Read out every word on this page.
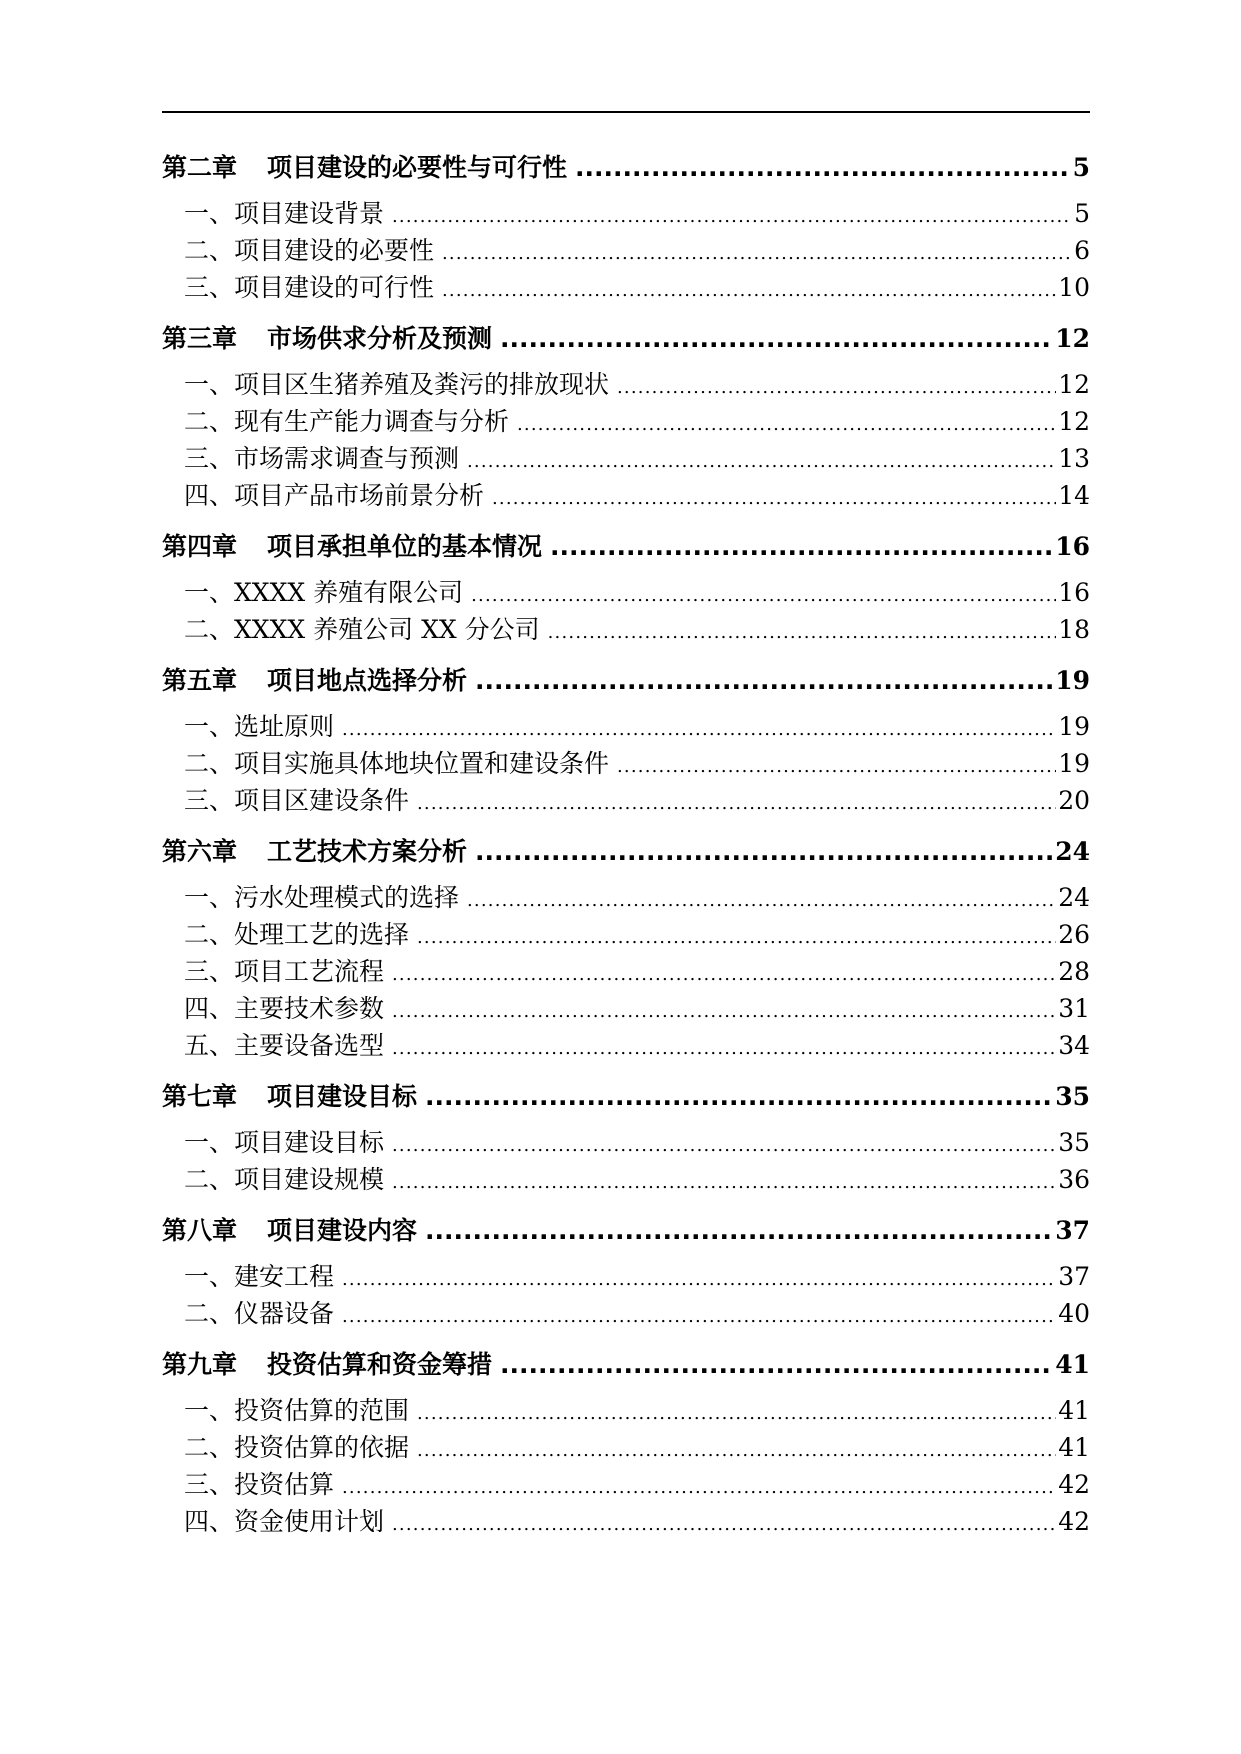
第二章 项目建设的必要性与可行性 .....	5
一、项目建设背景 .....	5
二、项目建设的必要性 .....	6
三、项目建设的可行性 .....	10
第三章 市场供求分析及预测 .....	12
一、项目区生猪养殖及粪污的排放现状 .....	12
二、现有生产能力调查与分析 .....	12
三、市场需求调查与预测 .....	13
四、项目产品市场前景分析 .....	14
第四章 项目承担单位的基本情况 .....	16
一、XXXX 养殖有限公司 .....	16
二、XXXX 养殖公司 XX 分公司 .....	18
第五章 项目地点选择分析 .....	19
一、选址原则 .....	19
二、项目实施具体地块位置和建设条件 .....	19
三、项目区建设条件 .....	20
第六章 工艺技术方案分析 .....	24
一、污水处理模式的选择 .....	24
二、处理工艺的选择 .....	26
三、项目工艺流程 .....	28
四、主要技术参数 .....	31
五、主要设备选型 .....	34
第七章 项目建设目标 .....	35
一、项目建设目标 .....	35
二、项目建设规模 .....	36
第八章 项目建设内容 .....	37
一、建安工程 .....	37
二、仪器设备 .....	40
第九章 投资估算和资金筹措 .....	41
一、投资估算的范围 .....	41
二、投资估算的依据 .....	41
三、投资估算 .....	42
四、资金使用计划 .....	42
